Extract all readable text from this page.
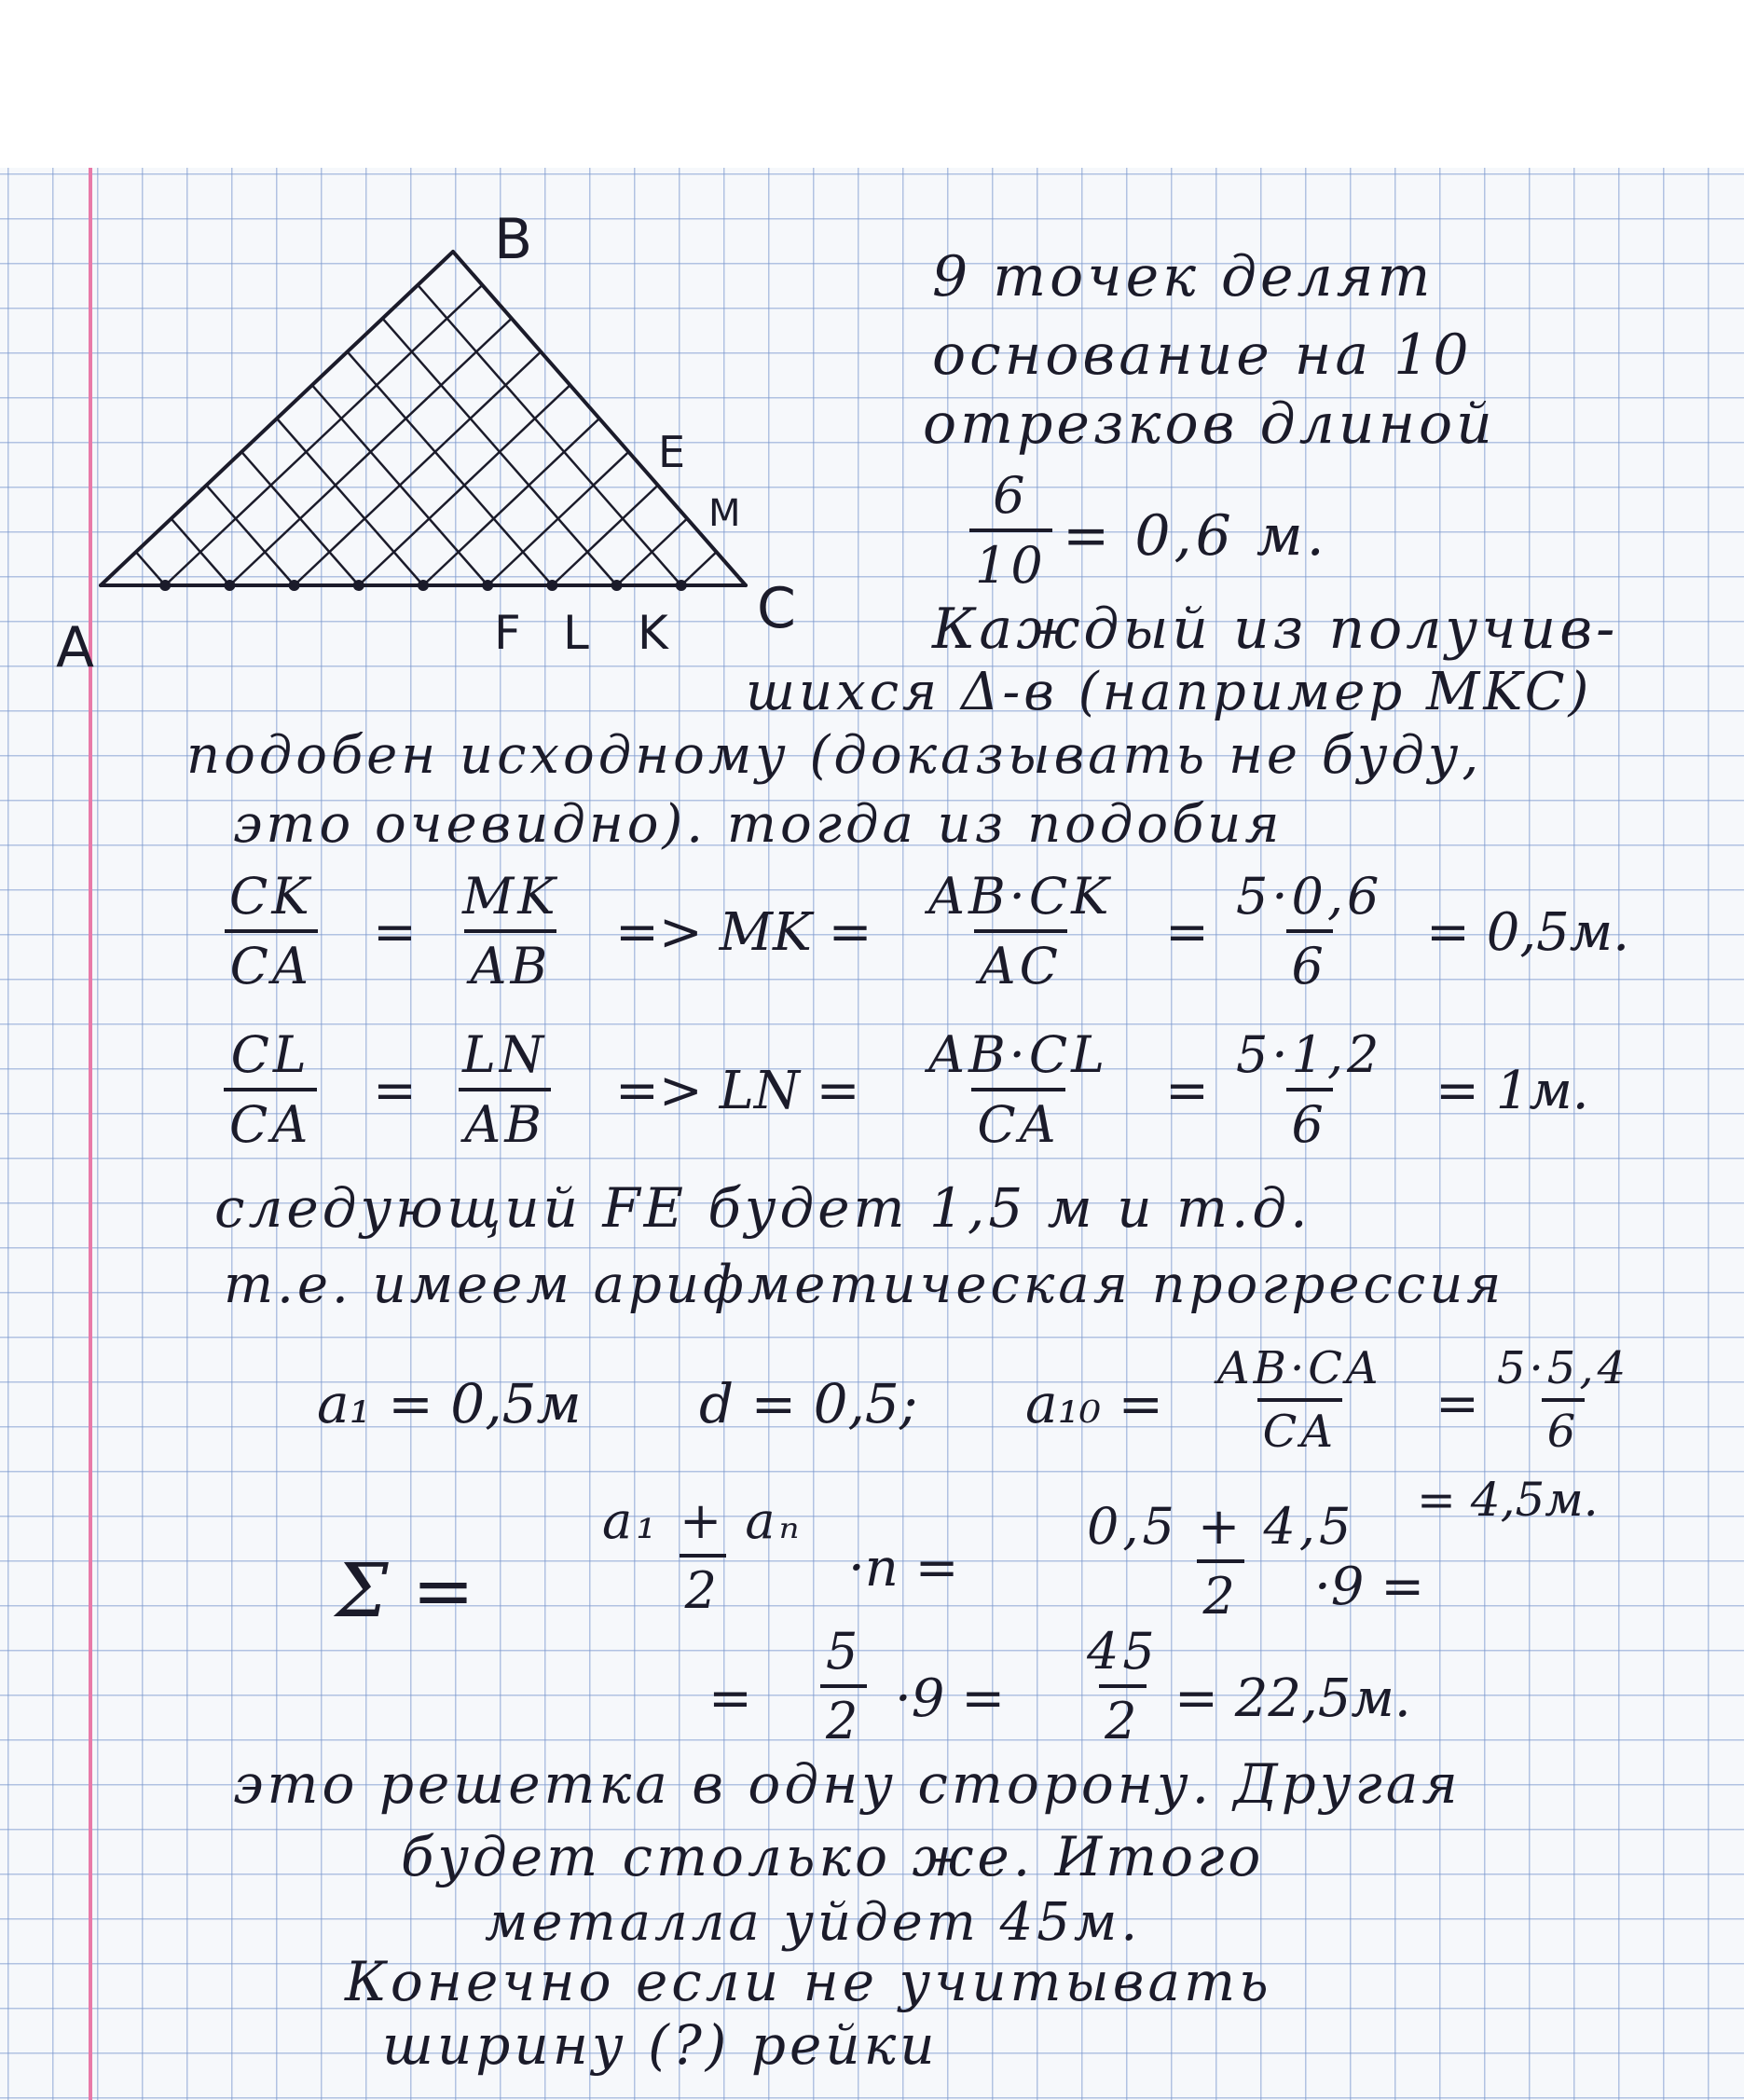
B
A
C
E
M
F L K
9 точек делят
основание на 10
отрезков длиной
$\frac{6}{10} = 0,6$ м.
Каждый из получив-
шихся Δ-в (например MKC)
подобен исходному (доказывать не буду,
это очевидно). тогда из подобия
$\frac{CK}{CA} = \frac{MK}{AB}$ => MK = $\frac{AB\cdot CK}{AC} = \frac{5\cdot 0,6}{6} = 0,5м$.
$\frac{CL}{CA} = \frac{LN}{AB}$ => LN = $\frac{AB\cdot CL}{CA} = \frac{5\cdot 1,2}{6} = 1м$.
следующий FE будет 1,5 м и т.д.
т.е. имеем арифметическая прогрессия
a₁ = 0,5м d = 0,5; $a_{10} = \frac{AB\cdot CA}{CA} = \frac{5\cdot 5,4}{6}$
= 4,5м.
$\Sigma = \frac{\text{a₁ + aₙ}}{2} \cdot n = \frac{0,5 + 4,5}{2}$
·9 =
= $\frac{5}{2} \cdot 9 = \frac{45}{2} = 22,5м$.
это решетка в одну сторону. Другая
будет столько же. Итого
металла уйдет 45м.
Конечно если не учитывать
ширину (?) рейки
